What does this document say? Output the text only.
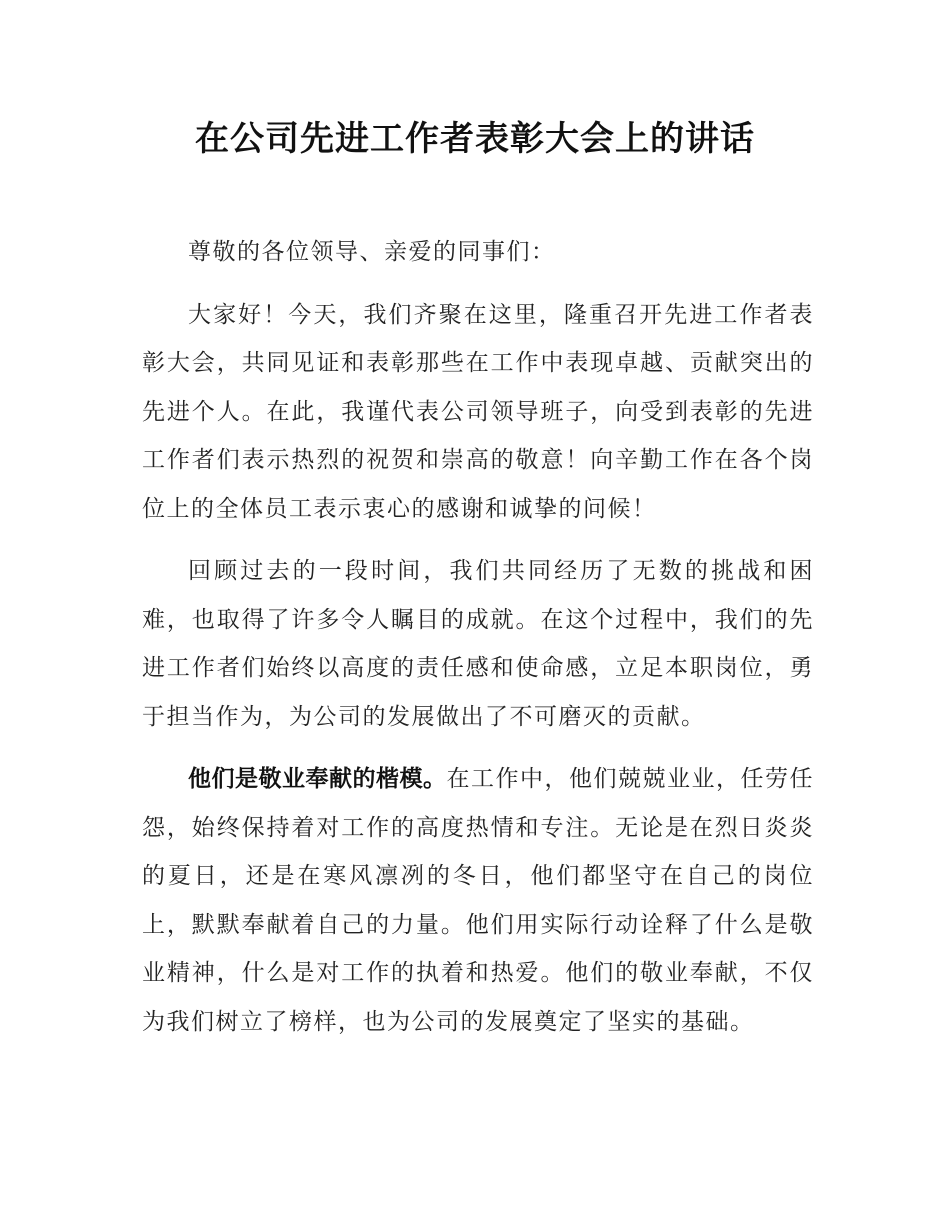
在公司先进工作者表彰大会上的讲话

尊敬的各位领导、亲爱的同事们：

大家好！今天，我们齐聚在这里，隆重召开先进工作者表彰大会，共同见证和表彰那些在工作中表现卓越、贡献突出的先进个人。在此，我谨代表公司领导班子，向受到表彰的先进工作者们表示热烈的祝贺和崇高的敬意！向辛勤工作在各个岗位上的全体员工表示衷心的感谢和诚挚的问候！

回顾过去的一段时间，我们共同经历了无数的挑战和困难，也取得了许多令人瞩目的成就。在这个过程中，我们的先进工作者们始终以高度的责任感和使命感，立足本职岗位，勇于担当作为，为公司的发展做出了不可磨灭的贡献。

他们是敬业奉献的楷模。在工作中，他们兢兢业业，任劳任怨，始终保持着对工作的高度热情和专注。无论是在烈日炎炎的夏日，还是在寒风凛冽的冬日，他们都坚守在自己的岗位上，默默奉献着自己的力量。他们用实际行动诠释了什么是敬业精神，什么是对工作的执着和热爱。他们的敬业奉献，不仅为我们树立了榜样，也为公司的发展奠定了坚实的基础。
